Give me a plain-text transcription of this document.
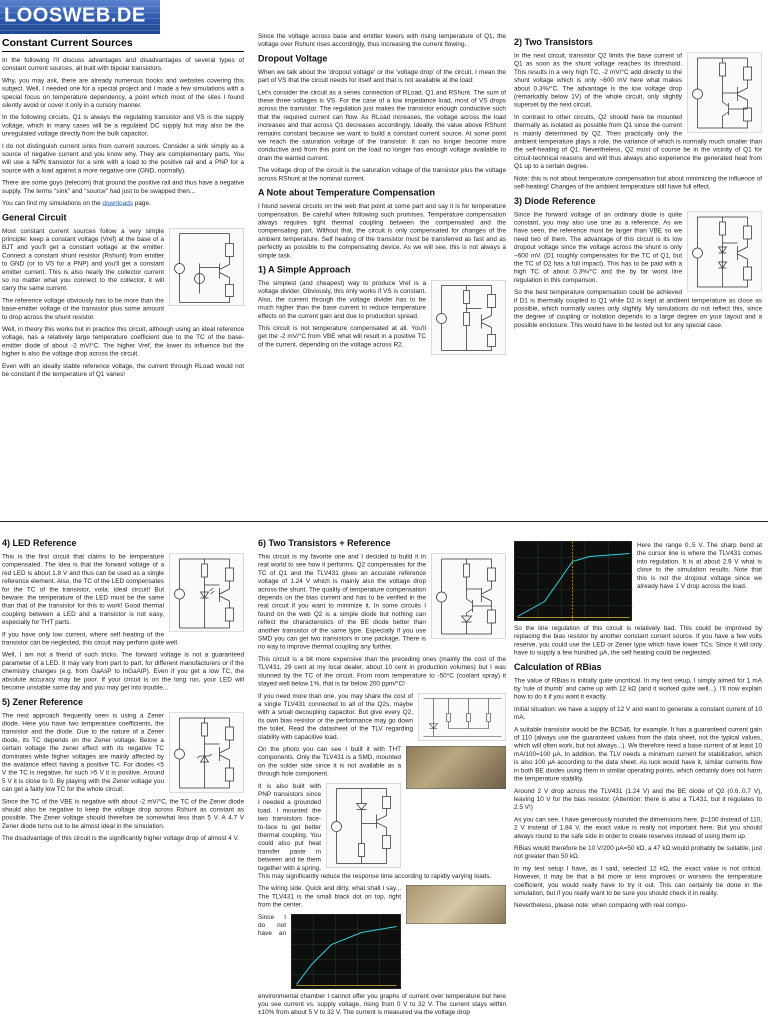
LOOSWEB.DE
Constant Current Sources

In the following I'll discuss advantages and disadvantages of several types of constant current sources, all built with bipolar transistors.

Why, you may ask, there are already numerous books and websites covering this subject. Well, I needed one for a special project and I made a few simulations with a special focus on temperature dependency, a point which most of the sites I found silently avoid or cover it only in a cursory manner.

In the following circuits, Q1 is always the regulating transistor and VS is the supply voltage, which in many cases will be a regulated DC supply but may also be the unregulated voltage directly from the bulk capacitor.

I do not distinguish current sinks from current sources. Consider a sink simply as a source of negative current and you know why. They are complementary parts. You will use a NPN transistor for a sink with a load to the positive rail and a PNP for a source with a load against a more negative one (GND, normally).

There are some guys (telecom) that ground the positive rail and thus have a negative supply. The terms "sink" and "source" had just to be swapped then...

You can find my simulations on the downloads page.

General Circuit

Most constant current sources follow a very simple principle: keep a constant voltage (Vref) at the base of a BJT and you'll get a constant voltage at the emitter. Connect a constant shunt resistor (Rshunt) from emitter to GND (or to VS for a PNP) and you'll get a constant emitter current. This is also nearly the collector current so no matter what you connect to the collector, it will carry the same current.

The reference voltage obviously has to be more than the base-emitter voltage of the transistor plus some amount to drop across the shunt resistor.

Well, in theory this works but in practice this circuit, although using an ideal reference voltage, has a relatively large temperature coefficient due to the TC of the base-emitter diode of about -2 mV/°C. The higher Vref, the lower its influence but the higher is also the voltage drop across the circuit.

Even with an ideally stable reference voltage, the current through RLoad would not be constant if the temperature of Q1 varies!

Since the voltage across base and emitter lowers with rising temperature of Q1, the voltage over Rshunt rises accordingly, thus increasing the current flowing.

Dropout Voltage

When we talk about the 'dropout voltage' or the 'voltage drop' of the circuit, I mean the part of VS that the circuit needs for itself and that is not available at the load:

Let's consider the circuit as a series connection of RLoad, Q1 and RShunt. The sum of these three voltages is VS. For the case of a low impedance load, most of VS drops across the transistor. The regulation just makes the transistor enough conductive such that the required current can flow. As RLoad increases, the voltage across the load increases and that across Q1 decreases accordingly. Ideally, the value above RShunt remains constant because we want to build a constant current source. At some point we reach the saturation voltage of the transistor. It can no longer become more conductive and from this point on the load no longer has enough voltage available to drain the wanted current.

The voltage drop of the circuit is the saturation voltage of the transistor plus the voltage across RShunt at the nominal current.

A Note about Temperature Compensation

I found several circuits on the web that point at some part and say it is for temperature compensation. Be careful when following such promises. Temperature compensation always requires tight thermal coupling between the compensated and the compensating part. Without that, the circuit is only compensated for changes of the ambient temperature. Self heating of the transistor must be transferred as fast and as perfectly as possible to the compensating device. As we will see, this is not always a simple task.

1) A Simple Approach

The simplest (and cheapest) way to produce Vref is a voltage divider. Obviously, this only works if VS is constant. Also, the current through the voltage divider has to be much higher than the base current to reduce temperature effects on the current gain and due to production spread.

This circuit is not temperature compensated at all. You'll get the -2 mV/°C from VBE what will result in a positive TC of the current, depending on the voltage across R2.

2) Two Transistors

In the next circuit, transistor Q2 limits the base current of Q1 as soon as the shunt voltage reaches its threshold. This results in a very high TC, -2 mV/°C add directly to the shunt voltage which is only ~600 mV here what makes about 0.3%/°C. The advantage is the low voltage drop (remarkably below 1V) of the whole circuit, only slightly superset by the next circuit.

In contrast to other circuits, Q2 should here be mounted thermally as isolated as possible from Q1 since the current is mainly determined by Q2. Then practically only the ambient temperature plays a role, the variance of which is normally much smaller than the self-heating of Q1. Nevertheless, Q2 must of course be in the vicinity of Q1 for circuit-technical reasons and will thus always also experience the generated heat from Q1 up to a certain degree.

Note: this is not about temperature compensation but about minimizing the influence of self-heating! Changes of the ambient temperature still have full effect.

3) Diode Reference

Since the forward voltage of an ordinary diode is quite constant, you may also use one as a reference. As we have seen, the reference must be larger than VBE so we need two of them. The advantage of this circuit is its low dropout voltage since the voltage across the shunt is only ~600 mV. (D1 roughly compensates for the TC of Q1, but the TC of D2 has a full impact). This has to be paid with a high TC of about 0.3%/°C and the by far worst line regulation in this comparison.

So the best temperature compensation could be achieved if D1 is thermally coupled to Q1 while D2 is kept at ambient temperature as close as possible, which normally varies only slightly. My simulations do not reflect this, since the degree of coupling or isolation depends to a large degree on your layout and a possible enclosure. This would have to be tested out for any special case.

4) LED Reference

This is the first circuit that claims to be temperature compensated. The idea is that the forward voltage of a red LED is about 1.8 V and thus can be used as a single reference element. Also, the TC of the LED compensates for the TC of the transistor, voila: ideal circuit! But beware: the temperature of the LED must be the same than that of the transistor for this to work! Good thermal coupling between a LED and a transistor is not easy, especially for THT parts.

If you have only low current, where self heating of the transistor can be neglected, this circuit may perform quite well.

Well, I am not a friend of such tricks. The forward voltage is not a guaranteed parameter of a LED. It may vary from part to part, for different manufacturers or if the chemistry changes (e.g. from GaAsP to InGaAlP). Even if you get a low TC, the absolute accuracy may be poor. If your circuit is on the long run, your LED will become unstable some day and you may get into trouble...

5) Zener Reference

The next approach frequently seen is using a Zener diode. Here you have two temperature coefficients, the transistor and the diode. Due to the nature of a Zener diode, its TC depends on the Zener voltage. Below a certain voltage the zener effect with its negative TC dominates while higher voltages are mainly affected by the avalance effect having a positive TC. For diodes <5 V the TC is negative, for such >5 V it is positive. Around 5 V it is close to 0. By playing with the Zener voltage you can get a fairly low TC for the whole circuit.

Since the TC of the VBE is negative with about -2 mV/°C, the TC of the Zener diode should also be negative to keep the voltage drop across Rshunt as constant as possible. The Zener voltage should therefore be somewhat less than 5 V. A 4.7 V Zener diode turns out to be almost ideal in the simulation.

The disadvantage of this circuit is the significantly higher voltage drop of almost 4 V.

6) Two Transistors + Reference

This circuit is my favorite one and I decided to build it in real world to see how it performs. Q2 compensates for the TC of Q1 and the TLV431 gives an accurate reference voltage of 1.24 V which is mainly also the voltage drop across the shunt. The quality of temperature compensation depends on the bias current and has to be verified in the real circuit if you want to minimize it. In some circuits I found on the web Q2 is a simple diode but nothing can reflect the characteristics of the BE diode better than another transistor of the same type. Especially if you use SMD you can get two transistors in one package. There is no way to improve thermal coupling any further.

This circuit is a bit more expensive than the preceding ones (mainly the cost of the TLV431, 29 cent at my local dealer, about 10 cent in production volumes) but I was stunned by the TC of the circuit. From room temperature to -50°C (coolant spray) it stayed well below 1%, that is far below 200 ppm/°C!

If you need more than one, you may share the cost of a single TLV431 connected to all of the Q2s, maybe with a small decoupling capacitor. But give every Q2, its own bias resistor or the performance may go down the toilet. Read the datasheet of the TLV regarding stability with capacitive load.

On the photo you can see I built it with THT components. Only the TLV431 is a SMD, mounted on the solder side since it is not available as a through hole component.

It is also built with PNP transistors since I needed a grounded load. I mounted the two transistors face-to-face to get better thermal coupling. You could also put heat transfer paste in between and tie them together with a spring. This may significantly reduce the response time according to rapidly varying loads.

The wiring side. Quick and dirty, what shall I say... The TLV431 is the small black dot on top, right from the center.

Since I do not have an environmental chamber I cannot offer you graphs of current over temperature but here you see current vs. supply voltage, rising from 0 V to 32 V. The current stays within ±10% from about 5 V to 32 V. The current is measured via the voltage drop

Here the range 0..5 V. The sharp bend at the cursor line is where the TLV431 comes into regulation. It is at about 2.9 V what is close to the simulation results. Note that this is not the dropout voltage since we already have 1 V drop across the load.

So the line regulation of this circuit is relatively bad. This could be improved by replacing the bias resistor by another constant current source. If you have a few volts reserve, you could use the LED or Zener type which have lower TCs. Since it will only have to supply a few hundred µA, the self heating could be neglected.

Calculation of RBias

The value of RBias is initially quite uncritical. In my test setup, I simply aimed for 1 mA by 'rule of thumb' and came up with 12 kΩ (and it worked quite well...). I'll now explain how to do it if you want it exactly.

Initial situation: we have a supply of 12 V and want to generate a constant current of 10 mA.

A suitable transistor would be the BC546, for example. It has a guaranteed current gain of 110 (always use the guaranteed values from the data sheet, not the typical values, which will often work, but not always...). We therefore need a base current of at least 10 mA/100=100 µA. In addition, the TLV needs a minimum current for stabilization, which is also 100 µA according to the data sheet. As luck would have it, similar currents flow in both BE diodes using them in similar operating points, which certainly does not harm the temperature stability.

Around 2 V drop across the TLV431 (1.24 V) and the BE diode of Q2 (0.6..0.7 V), leaving 10 V for the bias resistor. (Attention: there is also a TL431, but it regulates to 2.5 V!)

As you can see, I have generously rounded the dimensions here. β=100 instead of 110, 2 V instead of 1.84 V, the exact value is really not important here. But you should always round to the safe side in order to create reserves instead of using them up.

RBias would therefore be 10 V/200 µA=50 kΩ, a 47 kΩ would probably be suitable, just not greater than 50 kΩ.

In my test setup I have, as I said, selected 12 kΩ, the exact value is not critical. However, it may be that a bit more or less improves or worsens the temperature coefficient, you would really have to try it out. This can certainly be done in the simulation, but if you really want to be sure you should check it in reality.

Nevertheless, please note: when comparing with real compo-
